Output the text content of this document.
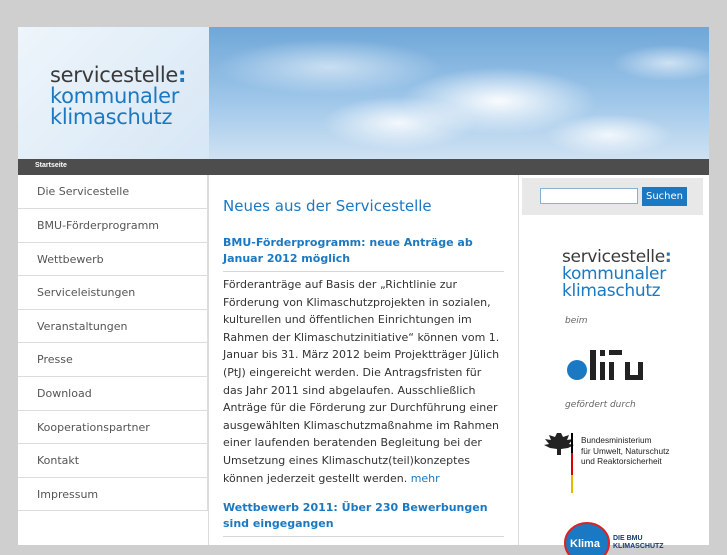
servicestelle:
kommunaler
klimaschutz
Startseite
Die Servicestelle
BMU-Förderprogramm
Wettbewerb
Serviceleistungen
Veranstaltungen
Presse
Download
Kooperationspartner
Kontakt
Impressum
Neues aus der Servicestelle
BMU-Förderprogramm: neue Anträge ab Januar 2012 möglich
Förderanträge auf Basis der „Richtlinie zur Förderung von Klimaschutzprojekten in sozialen, kulturellen und öffentlichen Einrichtungen im Rahmen der Klimaschutzinitiative“ können vom 1. Januar bis 31. März 2012 beim Projektträger Jülich (PtJ) eingereicht werden. Die Antragsfristen für das Jahr 2011 sind abgelaufen. Ausschließlich Anträge für die Förderung zur Durchführung einer ausgewählten Klimaschutzmaßnahme im Rahmen einer laufenden beratenden Begleitung bei der Umsetzung eines Klimaschutz(teil)konzeptes können jederzeit gestellt werden. mehr
Wettbewerb 2011: Über 230 Bewerbungen sind eingegangen
Suchen
servicestelle:
kommunaler
klimaschutz
beim
gefördert durch
Bundesministerium
für Umwelt, Naturschutz
und Reaktorsicherheit
Klima DIE BMU
KLIMASCHUTZ
